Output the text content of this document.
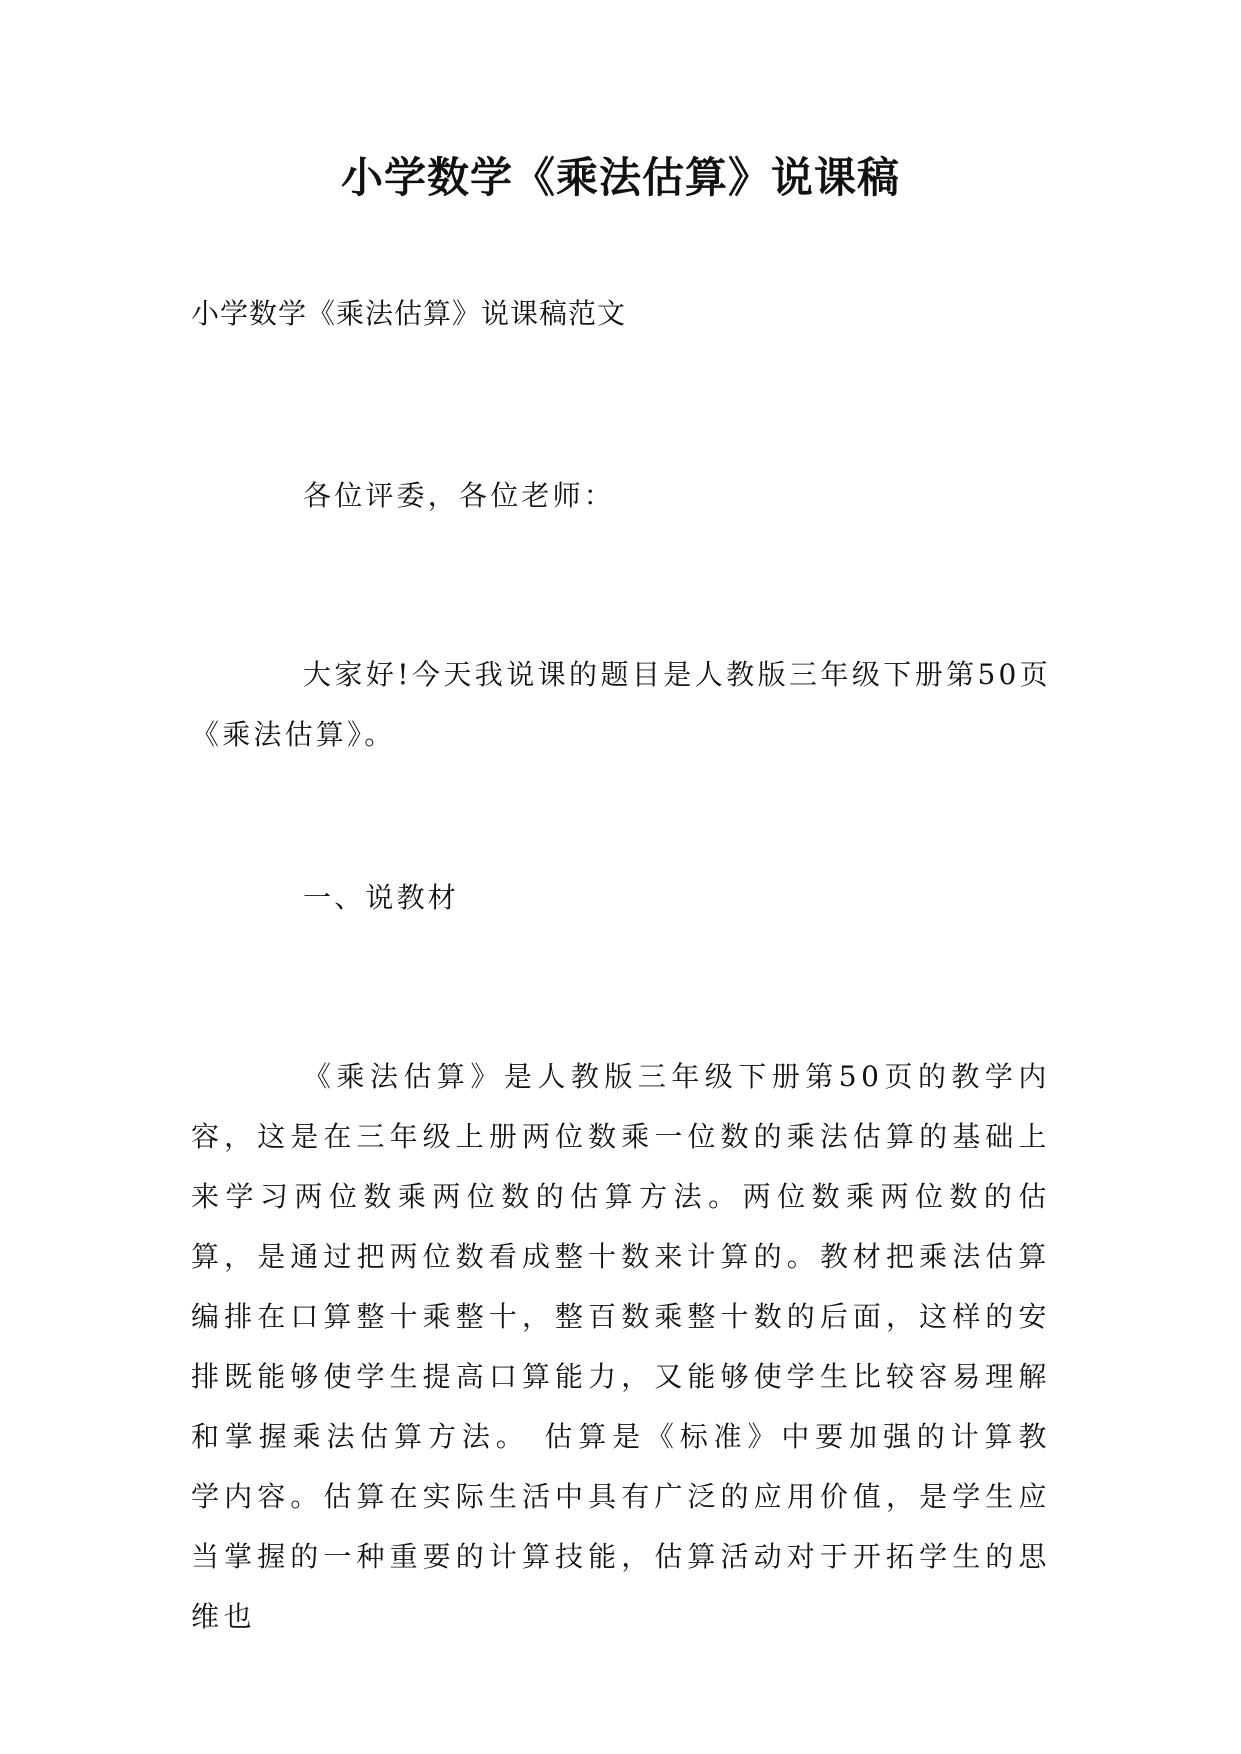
小学数学《乘法估算》说课稿
小学数学《乘法估算》说课稿范文

各位评委，各位老师：

大家好!今天我说课的题目是人教版三年级下册第50页《乘法估算》。

一、说教材

《乘法估算》是人教版三年级下册第50页的教学内容，这是在三年级上册两位数乘一位数的乘法估算的基础上来学习两位数乘两位数的估算方法。两位数乘两位数的估算，是通过把两位数看成整十数来计算的。教材把乘法估算编排在口算整十乘整十，整百数乘整十数的后面，这样的安排既能够使学生提高口算能力，又能够使学生比较容易理解和掌握乘法估算方法。 估算是《标准》中要加强的计算教学内容。估算在实际生活中具有广泛的应用价值，是学生应当掌握的一种重要的计算技能，估算活动对于开拓学生的思维也
